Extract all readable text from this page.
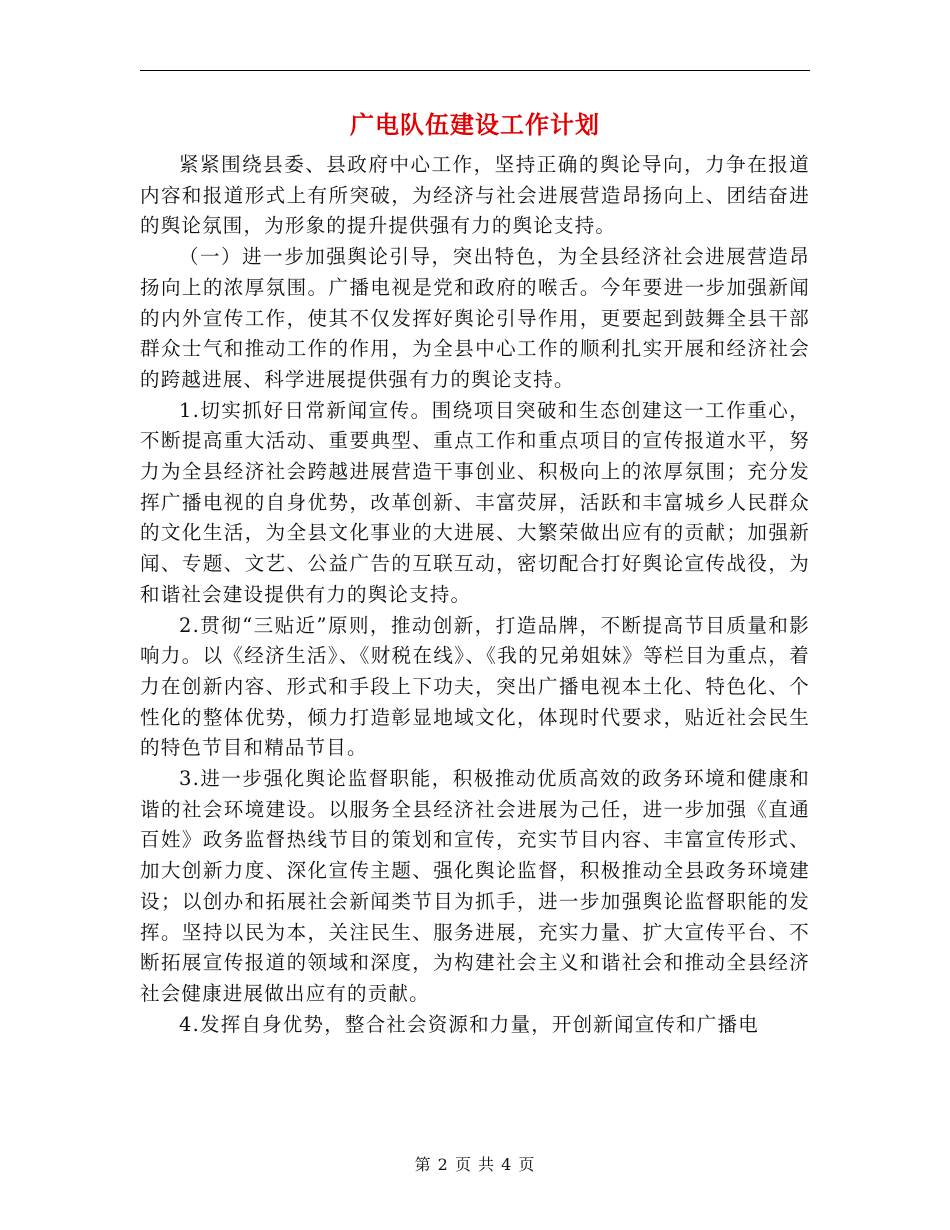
广电队伍建设工作计划

紧紧围绕县委、县政府中心工作，坚持正确的舆论导向，力争在报道内容和报道形式上有所突破，为经济与社会进展营造昂扬向上、团结奋进的舆论氛围，为形象的提升提供强有力的舆论支持。

（一）进一步加强舆论引导，突出特色，为全县经济社会进展营造昂扬向上的浓厚氛围。广播电视是党和政府的喉舌。今年要进一步加强新闻的内外宣传工作，使其不仅发挥好舆论引导作用，更要起到鼓舞全县干部群众士气和推动工作的作用，为全县中心工作的顺利扎实开展和经济社会的跨越进展、科学进展提供强有力的舆论支持。

1.切实抓好日常新闻宣传。围绕项目突破和生态创建这一工作重心，不断提高重大活动、重要典型、重点工作和重点项目的宣传报道水平，努力为全县经济社会跨越进展营造干事创业、积极向上的浓厚氛围；充分发挥广播电视的自身优势，改革创新、丰富荧屏，活跃和丰富城乡人民群众的文化生活，为全县文化事业的大进展、大繁荣做出应有的贡献；加强新闻、专题、文艺、公益广告的互联互动，密切配合打好舆论宣传战役，为和谐社会建设提供有力的舆论支持。

2.贯彻“三贴近”原则，推动创新，打造品牌，不断提高节目质量和影响力。以《经济生活》、《财税在线》、《我的兄弟姐妹》等栏目为重点，着力在创新内容、形式和手段上下功夫，突出广播电视本土化、特色化、个性化的整体优势，倾力打造彰显地域文化，体现时代要求，贴近社会民生的特色节目和精品节目。

3.进一步强化舆论监督职能，积极推动优质高效的政务环境和健康和谐的社会环境建设。以服务全县经济社会进展为己任，进一步加强《直通百姓》政务监督热线节目的策划和宣传，充实节目内容、丰富宣传形式、加大创新力度、深化宣传主题、强化舆论监督，积极推动全县政务环境建设；以创办和拓展社会新闻类节目为抓手，进一步加强舆论监督职能的发挥。坚持以民为本，关注民生、服务进展，充实力量、扩大宣传平台、不断拓展宣传报道的领域和深度，为构建社会主义和谐社会和推动全县经济社会健康进展做出应有的贡献。

4.发挥自身优势，整合社会资源和力量，开创新闻宣传和广播电

第 2 页 共 4 页
